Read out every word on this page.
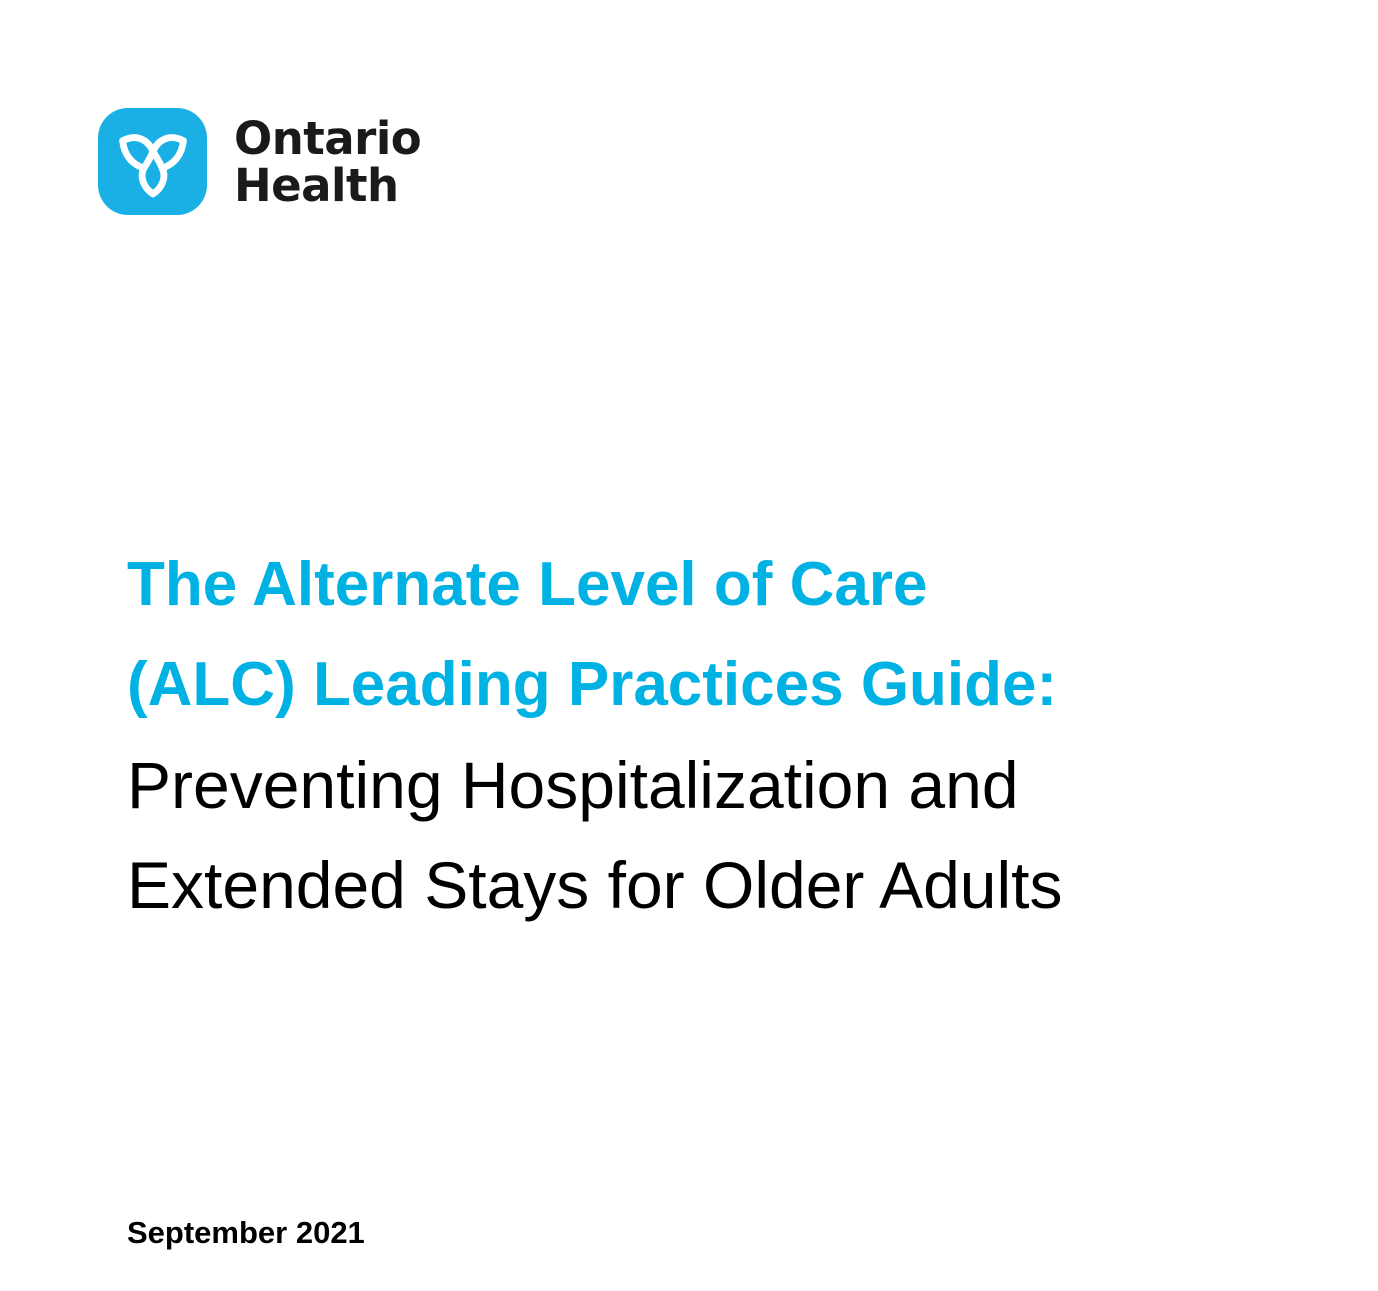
Ontario
Health

The Alternate Level of Care

(ALC) Leading Practices Guide:

Preventing Hospitalization and

Extended Stays for Older Adults

September 2021
